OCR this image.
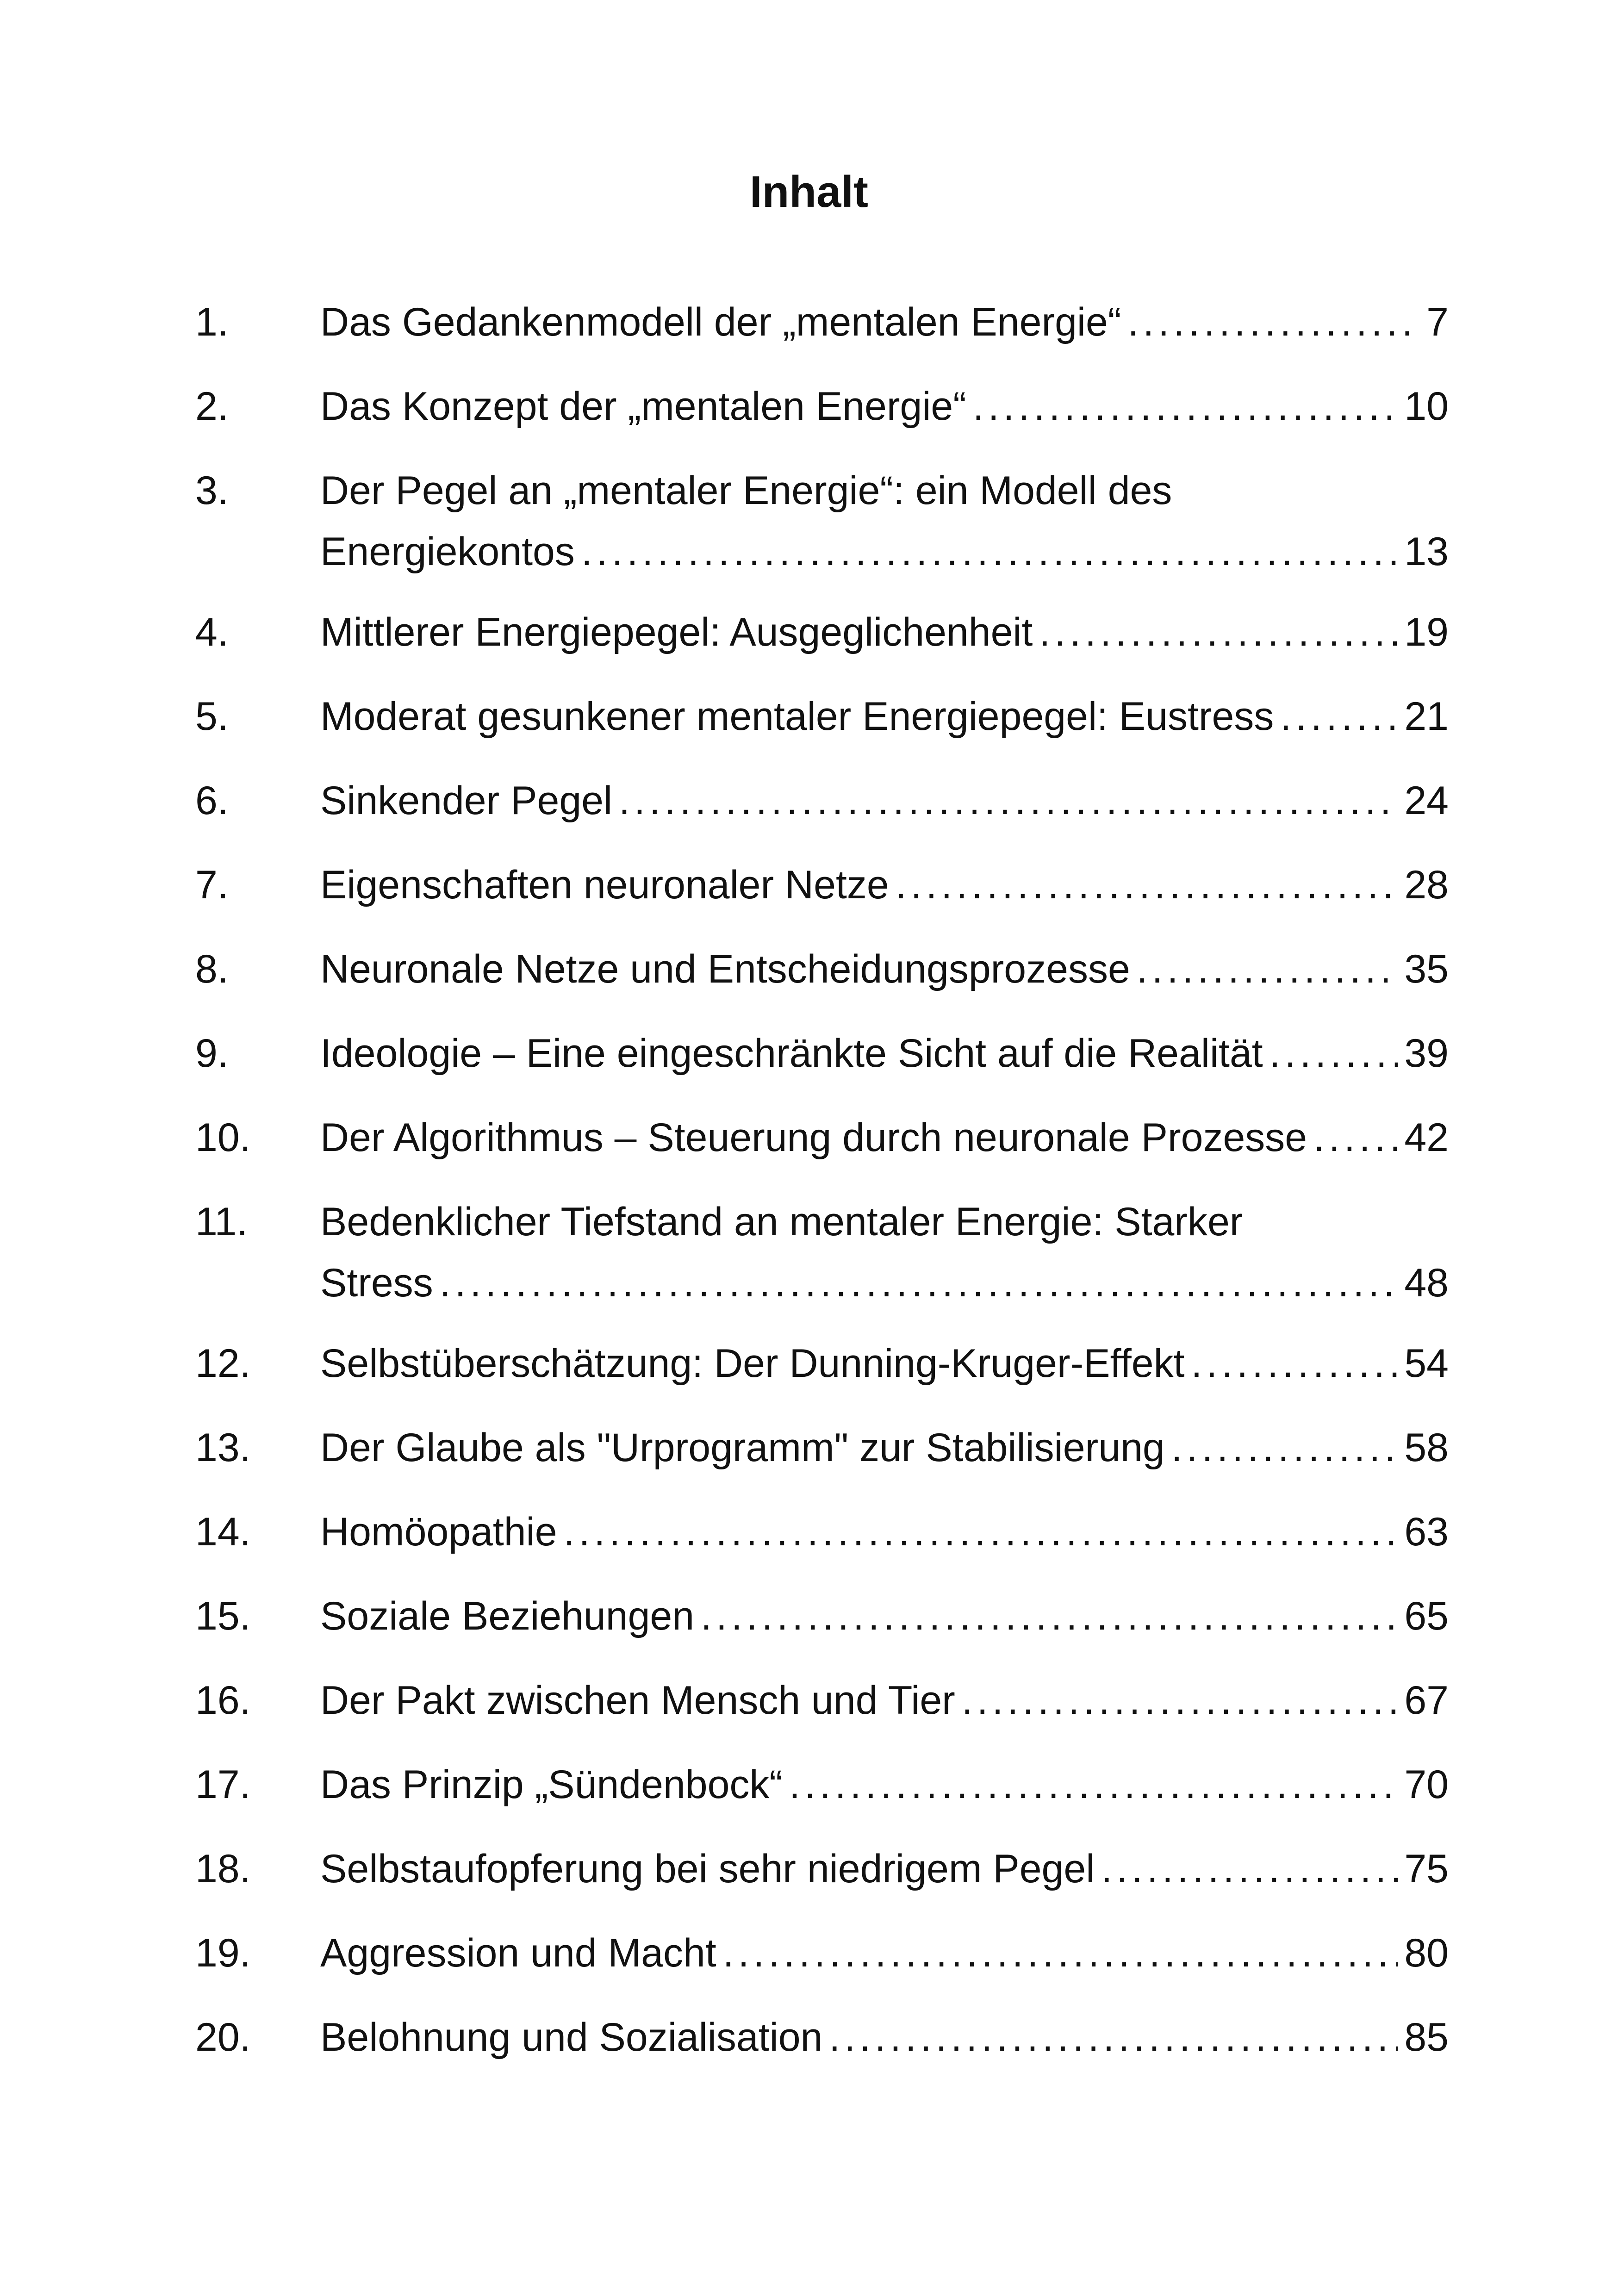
Inhalt
1.	Das Gedankenmodell der „mentalen Energie“ .....	7
2.	Das Konzept der „mentalen Energie“ .....	10
3.	Der Pegel an „mentaler Energie“: ein Modell des
Energiekontos .....	13
4.	Mittlerer Energiepegel: Ausgeglichenheit .....	19
5.	Moderat gesunkener mentaler Energiepegel: Eustress .....	21
6.	Sinkender Pegel .....	24
7.	Eigenschaften neuronaler Netze .....	28
8.	Neuronale Netze und Entscheidungsprozesse .....	35
9.	Ideologie – Eine eingeschränkte Sicht auf die Realität .....	39
10.	Der Algorithmus – Steuerung durch neuronale Prozesse ..... 42
11.	Bedenklicher Tiefstand an mentaler Energie: Starker
Stress .....	48
12.	Selbstüberschätzung: Der Dunning-Kruger-Effekt .....	54
13.	Der Glaube als "Urprogramm" zur Stabilisierung .....	58
14.	Homöopathie .....	63
15.	Soziale Beziehungen .....	65
16.	Der Pakt zwischen Mensch und Tier .....	67
17.	Das Prinzip „Sündenbock“ .....	70
18.	Selbstaufopferung bei sehr niedrigem Pegel .....	75
19.	Aggression und Macht .....	80
20.	Belohnung und Sozialisation .....	85
